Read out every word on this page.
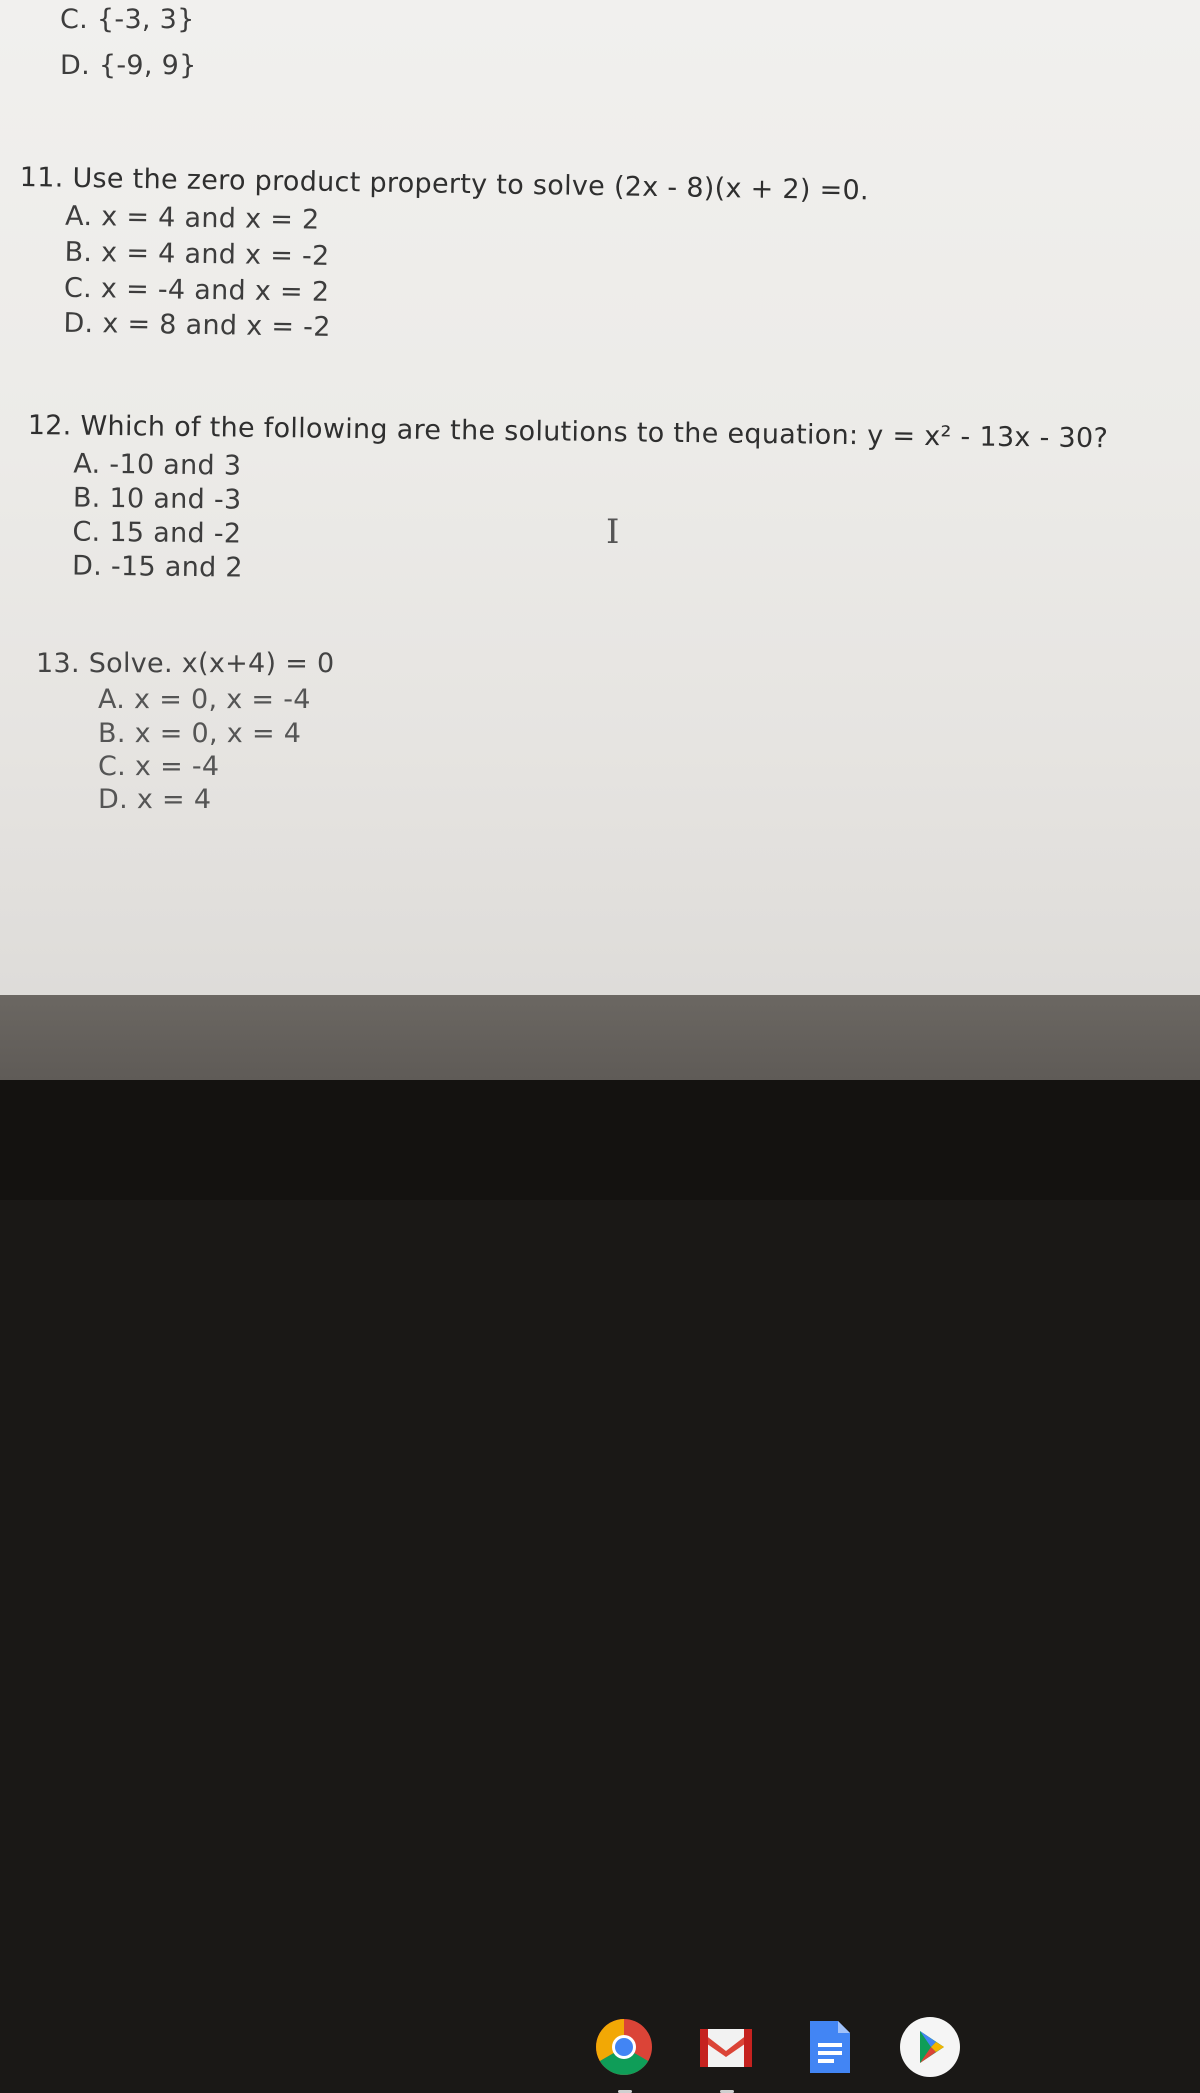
C. {-3, 3}
D. {-9, 9}
11. Use the zero product property to solve (2x - 8)(x + 2) =0.
A. x = 4 and x = 2
B. x = 4 and x = -2
C. x = -4 and x = 2
D. x = 8 and x = -2
12. Which of the following are the solutions to the equation: y = x² - 13x - 30?
A. -10 and 3
B. 10 and -3
C. 15 and -2
D. -15 and 2
13. Solve. x(x+4) = 0
A. x = 0, x = -4
B. x = 0, x = 4
C. x = -4
D. x = 4
I
